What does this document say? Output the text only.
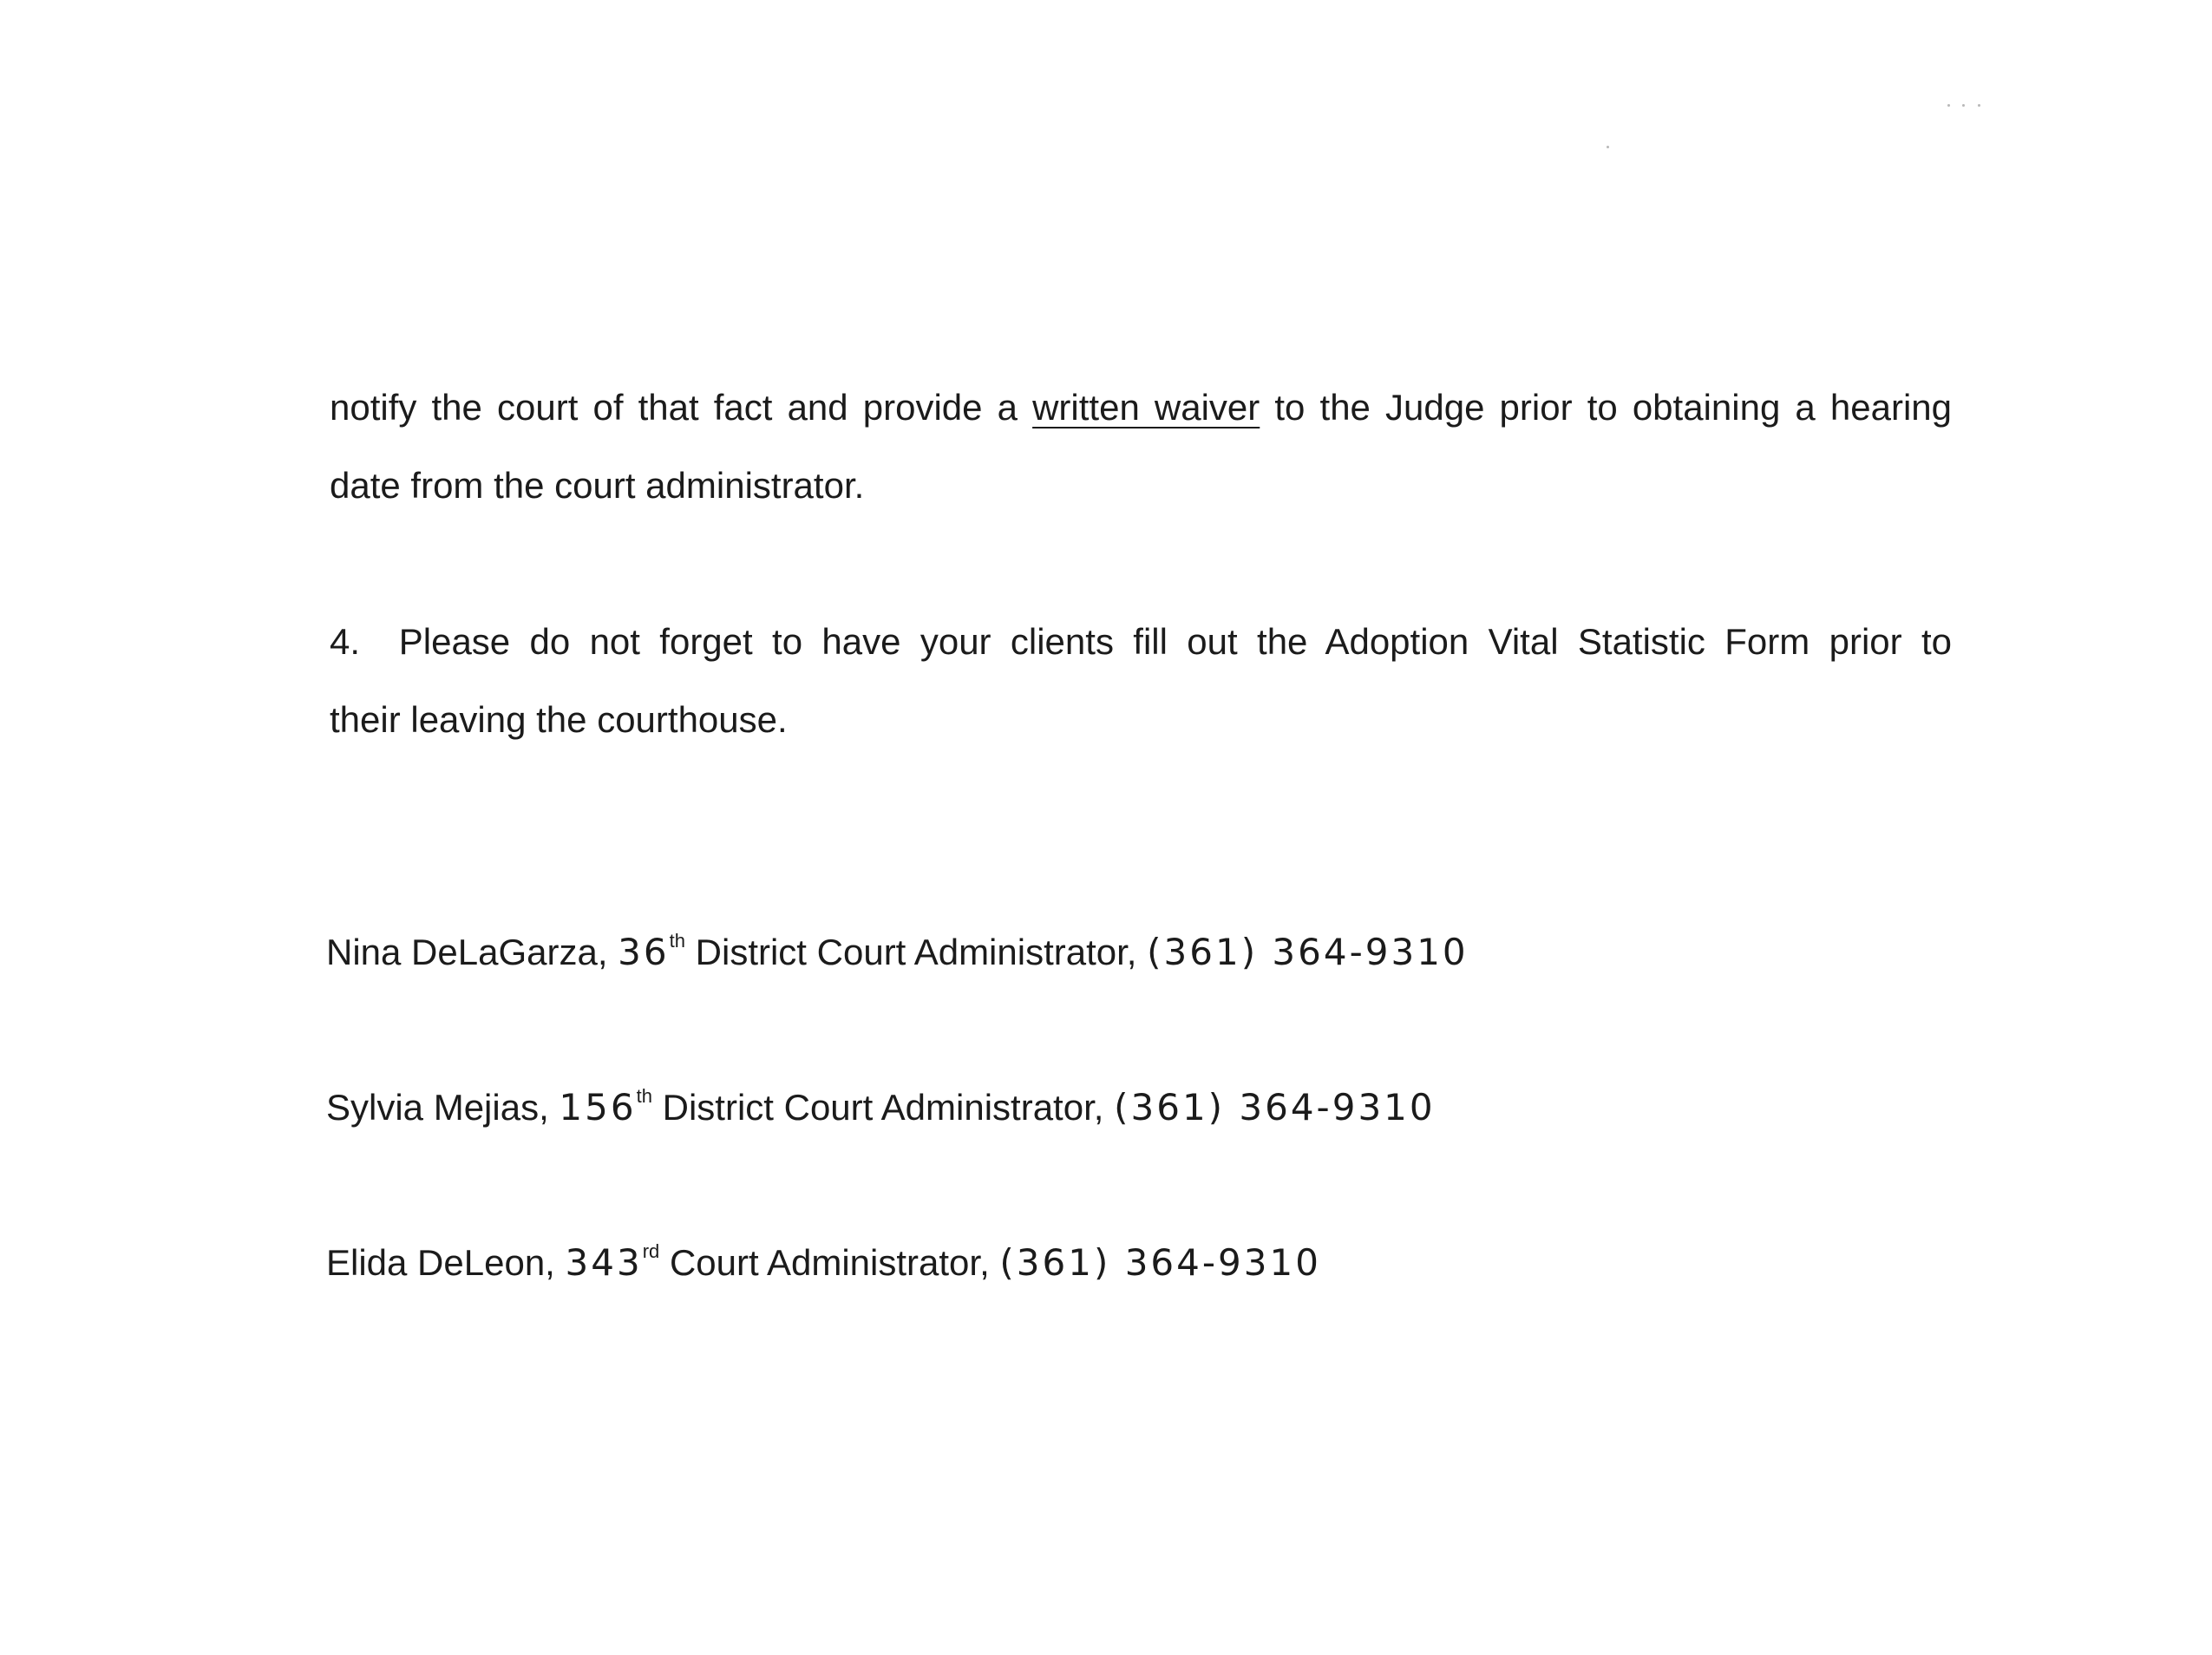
notify the court of that fact and provide a written waiver to the Judge prior to obtaining a hearing
date from the court administrator.
4. Please do not forget to have your clients fill out the Adoption Vital Statistic Form prior to
their leaving the courthouse.

Nina DeLaGarza, 36th District Court Administrator, (361) 364-9310

Sylvia Mejias, 156th District Court Administrator, (361) 364-9310

Elida DeLeon, 343rd Court Administrator, (361) 364-9310
